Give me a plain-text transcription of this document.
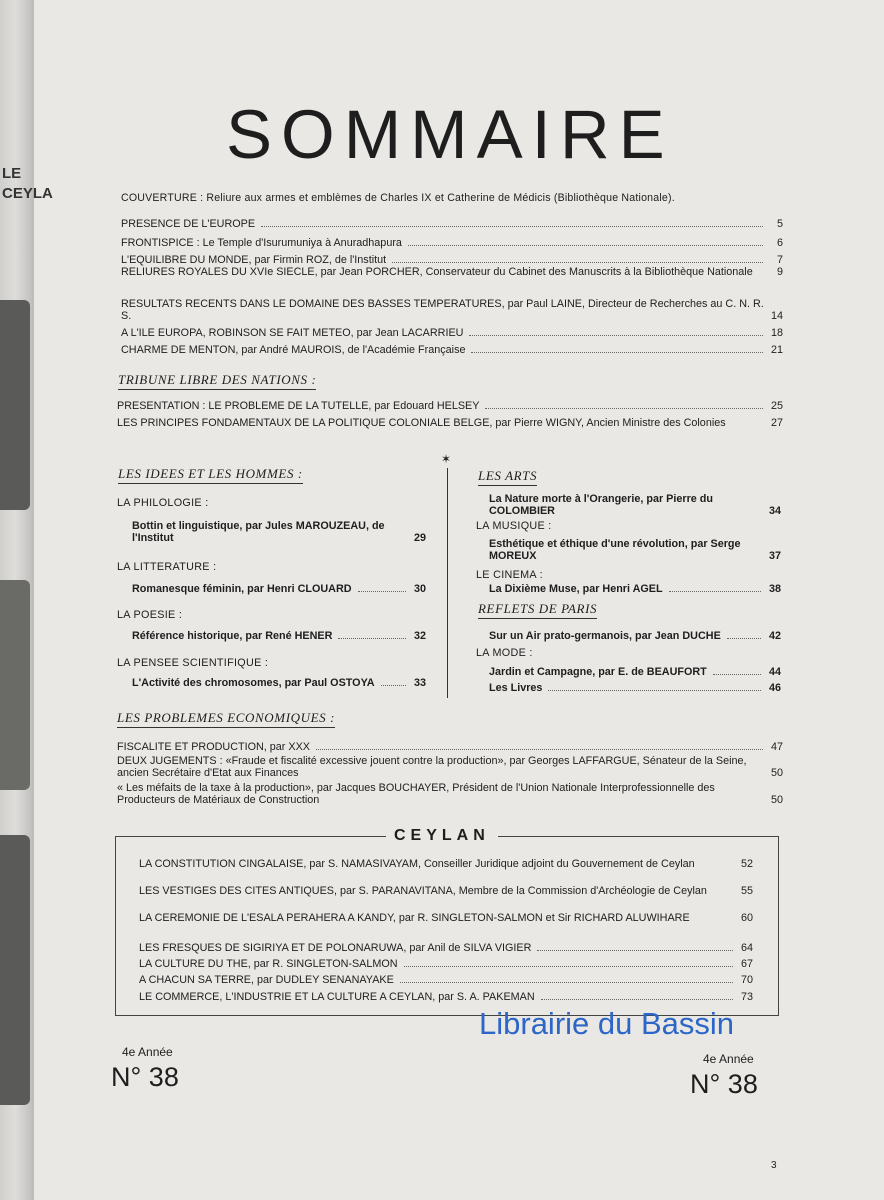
LE
CEYLA
SOMMAIRE
COUVERTURE : Reliure aux armes et emblèmes de Charles IX et Catherine de Médicis (Bibliothèque Nationale).
PRESENCE DE L'EUROPE	5
FRONTISPICE : Le Temple d'Isurumuniya à Anuradhapura	6
L'EQUILIBRE DU MONDE, par Firmin ROZ, de l'Institut	7
RELIURES ROYALES DU XVIe SIECLE, par Jean PORCHER, Conservateur du Cabinet des Manuscrits à la Bibliothèque Nationale	9
RESULTATS RECENTS DANS LE DOMAINE DES BASSES TEMPERATURES, par Paul LAINE, Directeur de Recherches au C. N. R. S.	14
A L'ILE EUROPA, ROBINSON SE FAIT METEO, par Jean LACARRIEU	18
CHARME DE MENTON, par André MAUROIS, de l'Académie Française	21
TRIBUNE LIBRE DES NATIONS :
PRESENTATION : LE PROBLEME DE LA TUTELLE, par Edouard HELSEY	25
LES PRINCIPES FONDAMENTAUX DE LA POLITIQUE COLONIALE BELGE, par Pierre WIGNY, Ancien Ministre des Colonies	27
LES IDEES ET LES HOMMES :
✶
LA PHILOLOGIE :
Bottin et linguistique, par Jules MAROUZEAU, de l'Institut	29
LA LITTERATURE :
Romanesque féminin, par Henri CLOUARD	30
LA POESIE :
Référence historique, par René HENER	32
LA PENSEE SCIENTIFIQUE :
L'Activité des chromosomes, par Paul OSTOYA	33
LES ARTS
La Nature morte à l'Orangerie, par Pierre du COLOMBIER	34
LA MUSIQUE :
Esthétique et éthique d'une révolution, par Serge MOREUX	37
LE CINEMA :
La Dixième Muse, par Henri AGEL	38
REFLETS DE PARIS
Sur un Air prato-germanois, par Jean DUCHE	42
LA MODE :
Jardin et Campagne, par E. de BEAUFORT	44
Les Livres	46
LES PROBLEMES ECONOMIQUES :
FISCALITE ET PRODUCTION, par XXX	47
DEUX JUGEMENTS : «Fraude et fiscalité excessive jouent contre la production», par Georges LAFFARGUE, Sénateur de la Seine, ancien Secrétaire d'Etat aux Finances	50
« Les méfaits de la taxe à la production», par Jacques BOUCHAYER, Président de l'Union Nationale Interprofessionnelle des Producteurs de Matériaux de Construction	50
CEYLAN
LA CONSTITUTION CINGALAISE, par S. NAMASIVAYAM, Conseiller Juridique adjoint du Gouvernement de Ceylan	52
LES VESTIGES DES CITES ANTIQUES, par S. PARANAVITANA, Membre de la Commission d'Archéologie de Ceylan	55
LA CEREMONIE DE L'ESALA PERAHERA A KANDY, par R. SINGLETON-SALMON et Sir RICHARD ALUWIHARE	60
LES FRESQUES DE SIGIRIYA ET DE POLONARUWA, par Anil de SILVA VIGIER	64
LA CULTURE DU THE, par R. SINGLETON-SALMON	67
A CHACUN SA TERRE, par DUDLEY SENANAYAKE	70
LE COMMERCE, L'INDUSTRIE ET LA CULTURE A CEYLAN, par S. A. PAKEMAN	73
Librairie du Bassin
4e Année
N° 38
4e Année
N° 38
3
